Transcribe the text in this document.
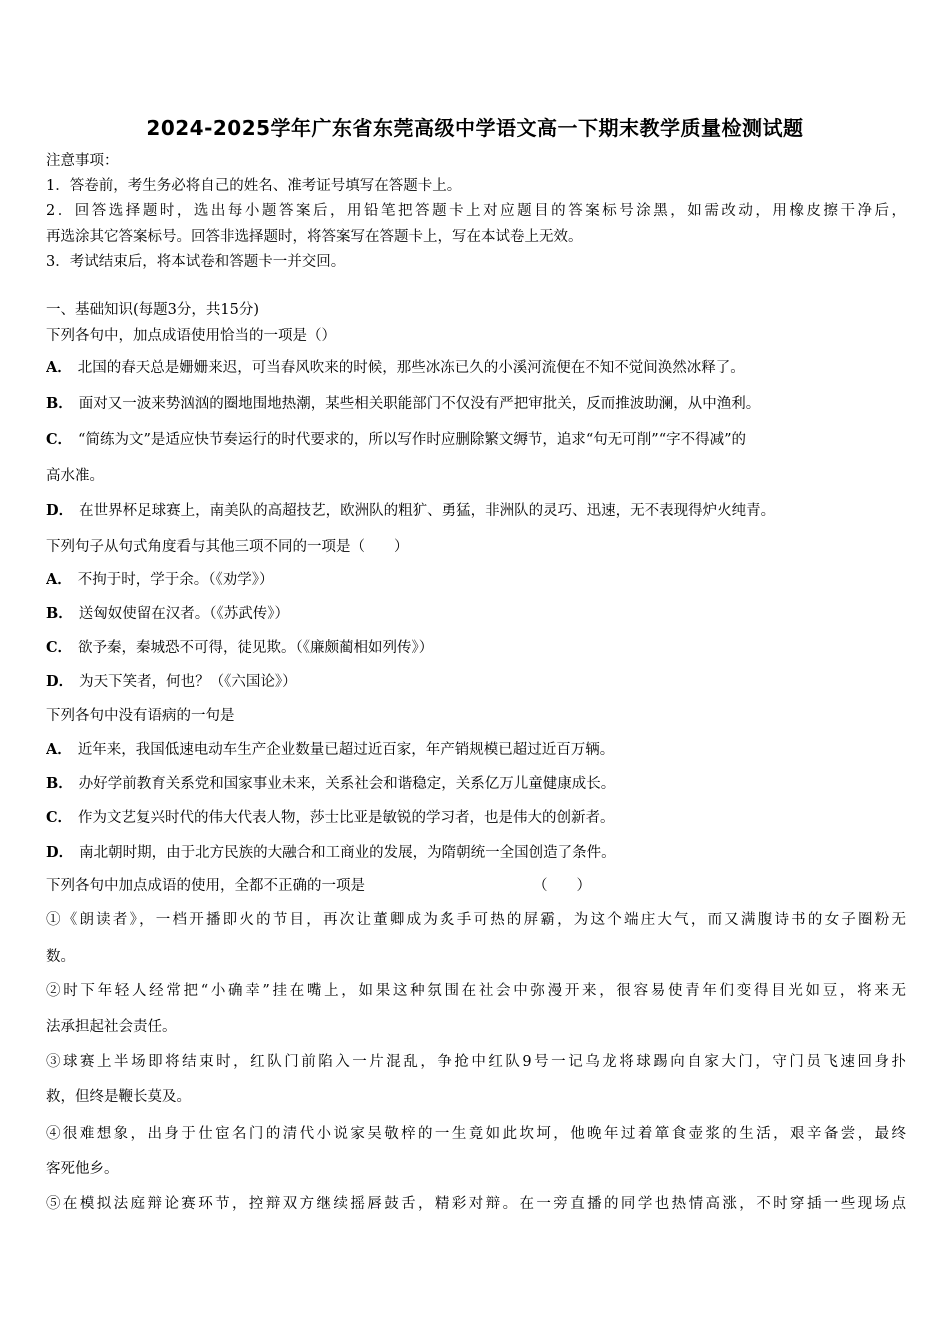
2024-2025学年广东省东莞高级中学语文高一下期末教学质量检测试题
注意事项：
1．答卷前，考生务必将自己的姓名、准考证号填写在答题卡上。
2．回答选择题时，选出每小题答案后，用铅笔把答题卡上对应题目的答案标号涂黑，如需改动，用橡皮擦干净后，
再选涂其它答案标号。回答非选择题时，将答案写在答题卡上，写在本试卷上无效。
3．考试结束后，将本试卷和答题卡一并交回。
一、基础知识(每题3分，共15分)
下列各句中，加点成语使用恰当的一项是（）
A． 北国的春天总是姗姗来迟，可当春风吹来的时候，那些冰冻已久的小溪河流便在不知不觉间涣然冰释了。
B． 面对又一波来势汹汹的圈地围地热潮，某些相关职能部门不仅没有严把审批关，反而推波助澜，从中渔利。
C． “简练为文”是适应快节奏运行的时代要求的，所以写作时应删除繁文缛节，追求“句无可削”“字不得减”的
高水准。
D． 在世界杯足球赛上，南美队的高超技艺，欧洲队的粗犷、勇猛，非洲队的灵巧、迅速，无不表现得炉火纯青。
下列句子从句式角度看与其他三项不同的一项是（　　）
A． 不拘于时，学于余。（《劝学》）
B． 送匈奴使留在汉者。（《苏武传》）
C． 欲予秦，秦城恐不可得，徒见欺。（《廉颇蔺相如列传》）
D． 为天下笑者，何也？（《六国论》）
下列各句中没有语病的一句是
A． 近年来，我国低速电动车生产企业数量已超过近百家，年产销规模已超过近百万辆。
B． 办好学前教育关系党和国家事业未来，关系社会和谐稳定，关系亿万儿童健康成长。
C． 作为文艺复兴时代的伟大代表人物，莎士比亚是敏锐的学习者，也是伟大的创新者。
D． 南北朝时期，由于北方民族的大融合和工商业的发展，为隋朝统一全国创造了条件。
下列各句中加点成语的使用，全都不正确的一项是	（　　）
①《朗读者》，一档开播即火的节目，再次让董卿成为炙手可热的屏霸，为这个端庄大气，而又满腹诗书的女子圈粉无
数。
②时下年轻人经常把“小确幸”挂在嘴上，如果这种氛围在社会中弥漫开来，很容易使青年们变得目光如豆，将来无
法承担起社会责任。
③球赛上半场即将结束时，红队门前陷入一片混乱，争抢中红队9号一记乌龙将球踢向自家大门，守门员飞速回身扑
救，但终是鞭长莫及。
④很难想象，出身于仕宦名门的清代小说家吴敬梓的一生竟如此坎坷，他晚年过着箪食壶浆的生活，艰辛备尝，最终
客死他乡。
⑤在模拟法庭辩论赛环节，控辩双方继续摇唇鼓舌，精彩对辩。在一旁直播的同学也热情高涨，不时穿插一些现场点
